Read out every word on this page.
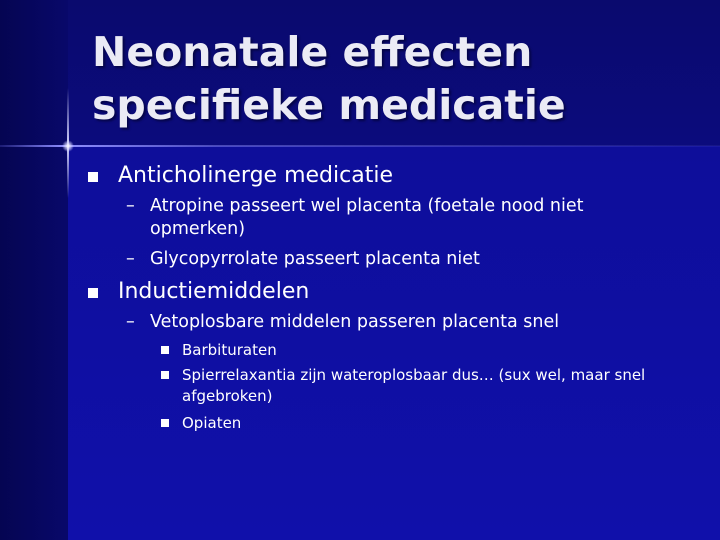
Neonatale effecten
specifieke medicatie
Anticholinerge medicatie
– Atropine passeert wel placenta (foetale nood niet
opmerken)
– Glycopyrrolate passeert placenta niet
Inductiemiddelen
– Vetoplosbare middelen passeren placenta snel
Barbituraten
Spierrelaxantia zijn wateroplosbaar dus… (sux wel, maar snel
afgebroken)
Opiaten
